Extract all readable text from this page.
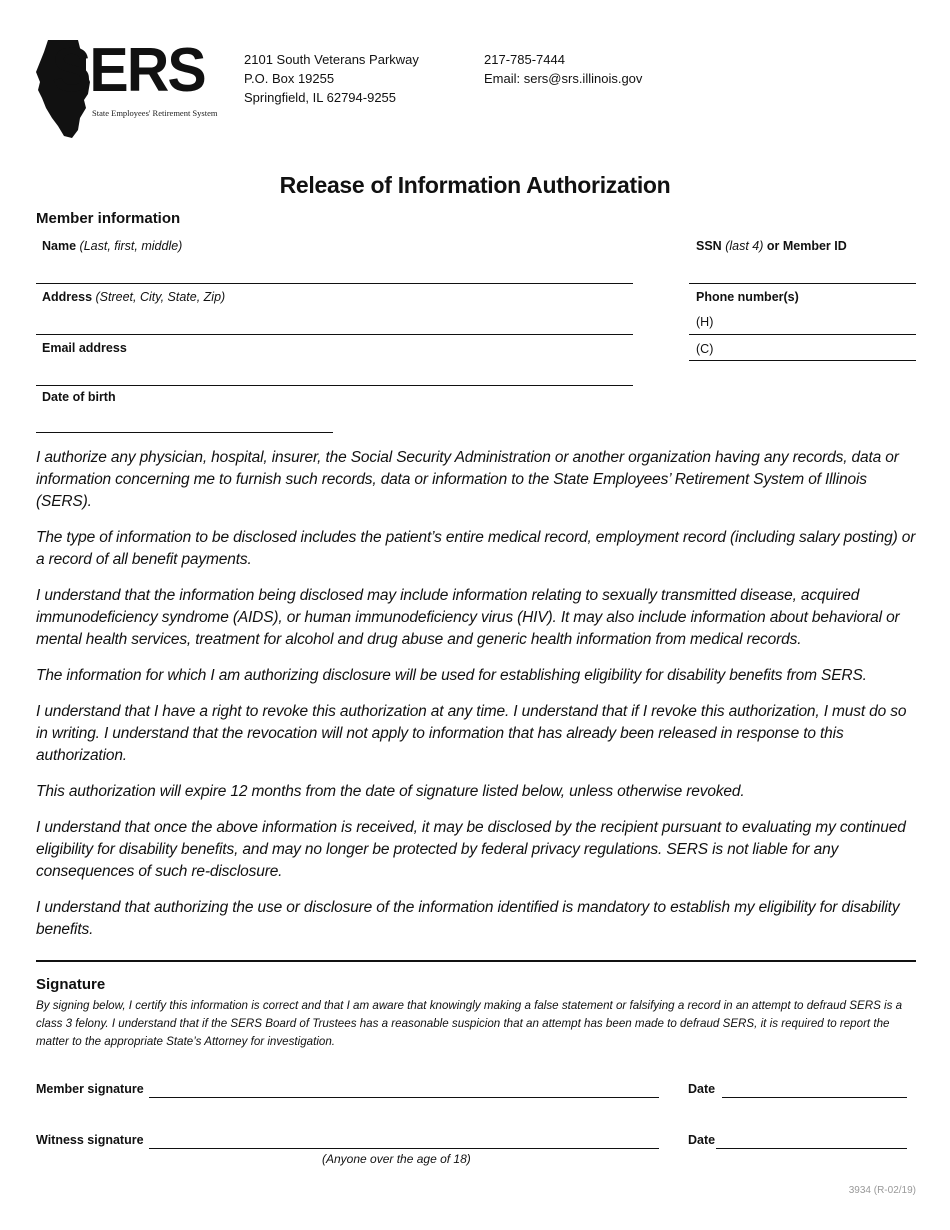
SERS
State Employees' Retirement System
2101 South Veterans Parkway
P.O. Box 19255
Springfield, IL 62794-9255
217-785-7444
Email: sers@srs.illinois.gov
Release of Information Authorization
Member information
Name (Last, first, middle)	SSN (last 4) or Member ID
Address (Street, City, State, Zip)	Phone number(s)
(H)
(C)
Email address
Date of birth

I authorize any physician, hospital, insurer, the Social Security Administration or another organization having any records, data or information concerning me to furnish such records, data or information to the State Employees’ Retirement System of Illinois (SERS).

The type of information to be disclosed includes the patient’s entire medical record, employment record (including salary posting) or a record of all benefit payments.

I understand that the information being disclosed may include information relating to sexually transmitted disease, acquired immunodeficiency syndrome (AIDS), or human immunodeficiency virus (HIV). It may also include information about behavioral or mental health services, treatment for alcohol and drug abuse and generic health information from medical records.

The information for which I am authorizing disclosure will be used for establishing eligibility for disability benefits from SERS.

I understand that I have a right to revoke this authorization at any time. I understand that if I revoke this authorization, I must do so in writing. I understand that the revocation will not apply to information that has already been released in response to this authorization.

This authorization will expire 12 months from the date of signature listed below, unless otherwise revoked.

I understand that once the above information is received, it may be disclosed by the recipient pursuant to evaluating my continued eligibility for disability benefits, and may no longer be protected by federal privacy regulations. SERS is not liable for any consequences of such re-disclosure.

I understand that authorizing the use or disclosure of the information identified is mandatory to establish my eligibility for disability benefits.

Signature
By signing below, I certify this information is correct and that I am aware that knowingly making a false statement or falsifying a record in an attempt to defraud SERS is a class 3 felony. I understand that if the SERS Board of Trustees has a reasonable suspicion that an attempt has been made to defraud SERS, it is required to report the matter to the appropriate State’s Attorney for investigation.
Member signature	Date
Witness signature	Date
(Anyone over the age of 18)
3934 (R-02/19)
